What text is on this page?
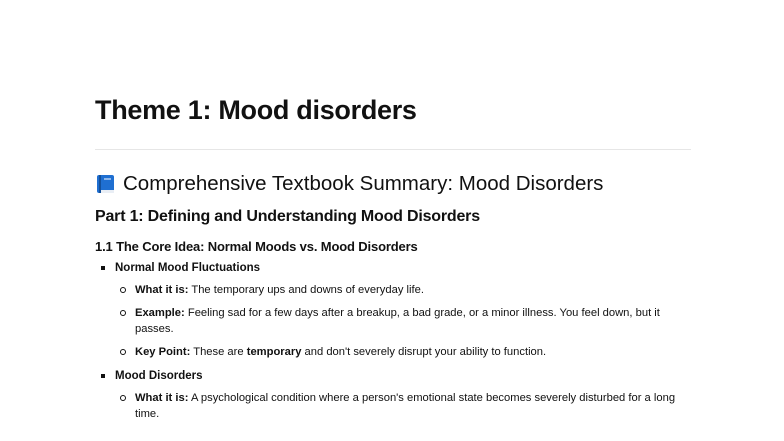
Theme 1: Mood disorders
Comprehensive Textbook Summary: Mood Disorders
Part 1: Defining and Understanding Mood Disorders
1.1 The Core Idea: Normal Moods vs. Mood Disorders
Normal Mood Fluctuations
What it is: The temporary ups and downs of everyday life.
Example: Feeling sad for a few days after a breakup, a bad grade, or a minor illness. You feel down, but it passes.
Key Point: These are temporary and don't severely disrupt your ability to function.
Mood Disorders
What it is: A psychological condition where a person's emotional state becomes severely disturbed for a long time.
